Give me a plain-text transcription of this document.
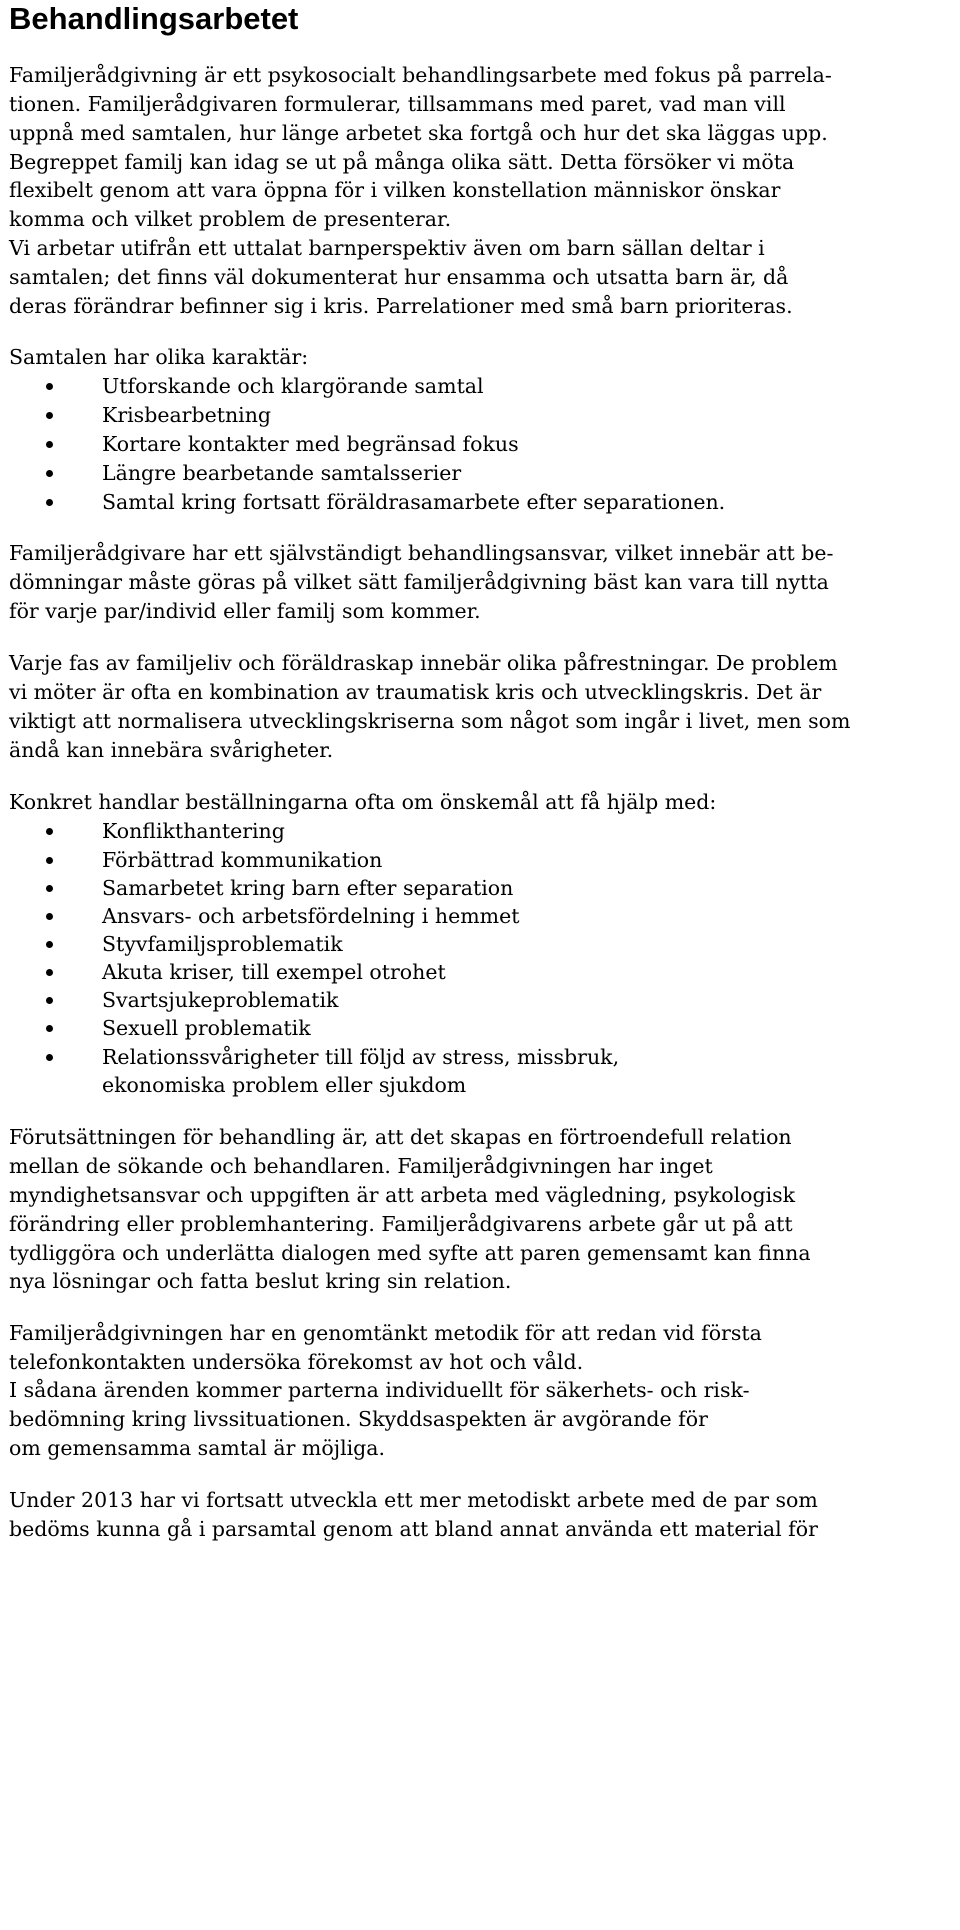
Behandlingsarbetet
Familjerådgivning är ett psykosocialt behandlingsarbete med fokus på parrela-
tionen. Familjerådgivaren formulerar, tillsammans med paret, vad man vill
uppnå med samtalen, hur länge arbetet ska fortgå och hur det ska läggas upp.
Begreppet familj kan idag se ut på många olika sätt. Detta försöker vi möta
flexibelt genom att vara öppna för i vilken konstellation människor önskar
komma och vilket problem de presenterar.
Vi arbetar utifrån ett uttalat barnperspektiv även om barn sällan deltar i
samtalen; det finns väl dokumenterat hur ensamma och utsatta barn är, då
deras förändrar befinner sig i kris. Parrelationer med små barn prioriteras.
Samtalen har olika karaktär:
Utforskande och klargörande samtal
Krisbearbetning
Kortare kontakter med begränsad fokus
Längre bearbetande samtalsserier
Samtal kring fortsatt föräldrasamarbete efter separationen.
Familjerådgivare har ett självständigt behandlingsansvar, vilket innebär att be-
dömningar måste göras på vilket sätt familjerådgivning bäst kan vara till nytta
för varje par/individ eller familj som kommer.
Varje fas av familjeliv och föräldraskap innebär olika påfrestningar. De problem
vi möter är ofta en kombination av traumatisk kris och utvecklingskris. Det är
viktigt att normalisera utvecklingskriserna som något som ingår i livet, men som
ändå kan innebära svårigheter.
Konkret handlar beställningarna ofta om önskemål att få hjälp med:
Konflikthantering
Förbättrad kommunikation
Samarbetet kring barn efter separation
Ansvars- och arbetsfördelning i hemmet
Styvfamiljsproblematik
Akuta kriser, till exempel otrohet
Svartsjukeproblematik
Sexuell problematik
Relationssvårigheter till följd av stress, missbruk,
ekonomiska problem eller sjukdom
Förutsättningen för behandling är, att det skapas en förtroendefull relation
mellan de sökande och behandlaren. Familjerådgivningen har inget
myndighetsansvar och uppgiften är att arbeta med vägledning, psykologisk
förändring eller problemhantering. Familjerådgivarens arbete går ut på att
tydliggöra och underlätta dialogen med syfte att paren gemensamt kan finna
nya lösningar och fatta beslut kring sin relation.
Familjerådgivningen har en genomtänkt metodik för att redan vid första
telefonkontakten undersöka förekomst av hot och våld.
I sådana ärenden kommer parterna individuellt för säkerhets- och risk-
bedömning kring livssituationen. Skyddsaspekten är avgörande för
om gemensamma samtal är möjliga.
Under 2013 har vi fortsatt utveckla ett mer metodiskt arbete med de par som
bedöms kunna gå i parsamtal genom att bland annat använda ett material för
